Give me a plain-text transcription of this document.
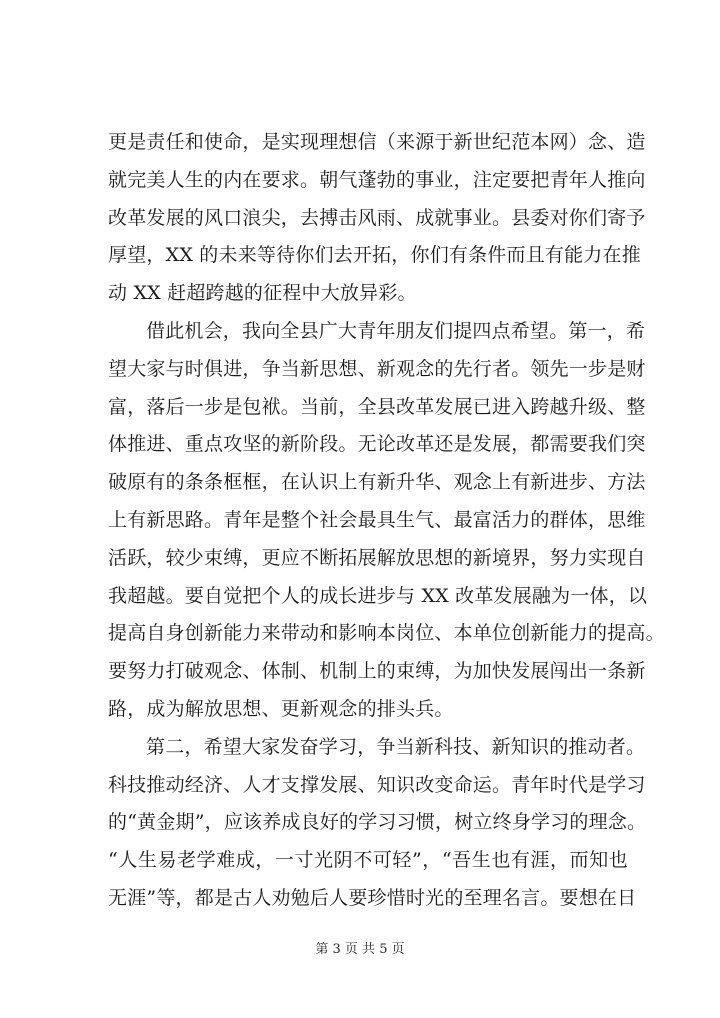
更是责任和使命，是实现理想信（来源于新世纪范本网）念、造
就完美人生的内在要求。朝气蓬勃的事业，注定要把青年人推向
改革发展的风口浪尖，去搏击风雨、成就事业。县委对你们寄予
厚望，XX 的未来等待你们去开拓，你们有条件而且有能力在推
动 XX 赶超跨越的征程中大放异彩。
借此机会，我向全县广大青年朋友们提四点希望。第一，希
望大家与时俱进，争当新思想、新观念的先行者。领先一步是财
富，落后一步是包袱。当前，全县改革发展已进入跨越升级、整
体推进、重点攻坚的新阶段。无论改革还是发展，都需要我们突
破原有的条条框框，在认识上有新升华、观念上有新进步、方法
上有新思路。青年是整个社会最具生气、最富活力的群体，思维
活跃，较少束缚，更应不断拓展解放思想的新境界，努力实现自
我超越。要自觉把个人的成长进步与 XX 改革发展融为一体，以
提高自身创新能力来带动和影响本岗位、本单位创新能力的提高。
要努力打破观念、体制、机制上的束缚，为加快发展闯出一条新
路，成为解放思想、更新观念的排头兵。
第二，希望大家发奋学习，争当新科技、新知识的推动者。
科技推动经济、人才支撑发展、知识改变命运。青年时代是学习
的“黄金期”，应该养成良好的学习习惯，树立终身学习的理念。
“人生易老学难成，一寸光阴不可轻”，“吾生也有涯，而知也
无涯”等，都是古人劝勉后人要珍惜时光的至理名言。要想在日
第 3 页 共 5 页
